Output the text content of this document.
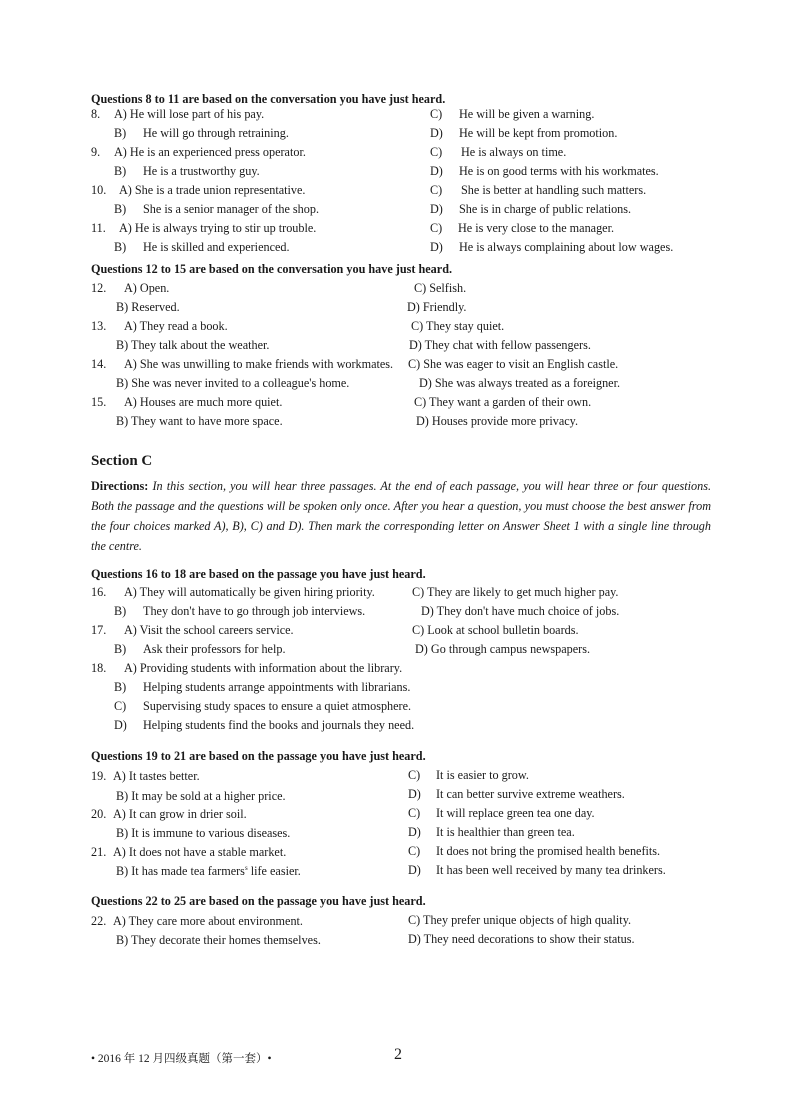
Questions 8 to 11 are based on the conversation you have just heard.
8. A) He will lose part of his pay.
B) He will go through retraining.
C) He will be given a warning.
D) He will be kept from promotion.
9. A) He is an experienced press operator.
B) He is a trustworthy guy.
C) He is always on time.
D) He is on good terms with his workmates.
10. A) She is a trade union representative.
B) She is a senior manager of the shop.
C) She is better at handling such matters.
D) She is in charge of public relations.
11. A) He is always trying to stir up trouble.
B) He is skilled and experienced.
C) He is very close to the manager.
D) He is always complaining about low wages.
Questions 12 to 15 are based on the conversation you have just heard.
12. A) Open.
B) Reserved.
C) Selfish.
D) Friendly.
13. A) They read a book.
B) They talk about the weather.
C) They stay quiet.
D) They chat with fellow passengers.
14. A) She was unwilling to make friends with workmates.
B) She was never invited to a colleague's home.
C) She was eager to visit an English castle.
D) She was always treated as a foreigner.
15. A) Houses are much more quiet.
B) They want to have more space.
C) They want a garden of their own.
D) Houses provide more privacy.
Section C
Directions: In this section, you will hear three passages. At the end of each passage, you will hear three or four questions. Both the passage and the questions will be spoken only once. After you hear a question, you must choose the best answer from the four choices marked A), B), C) and D). Then mark the corresponding letter on Answer Sheet 1 with a single line through the centre.
Questions 16 to 18 are based on the passage you have just heard.
16. A) They will automatically be given hiring priority.
B) They don't have to go through job interviews.
C) They are likely to get much higher pay.
D) They don't have much choice of jobs.
17. A) Visit the school careers service.
B) Ask their professors for help.
C) Look at school bulletin boards.
D) Go through campus newspapers.
18. A) Providing students with information about the library.
B) Helping students arrange appointments with librarians.
C) Supervising study spaces to ensure a quiet atmosphere.
D) Helping students find the books and journals they need.
Questions 19 to 21 are based on the passage you have just heard.
19. A) It tastes better.
B) It may be sold at a higher price.
C) It is easier to grow.
D) It can better survive extreme weathers.
20. A) It can grow in drier soil.
B) It is immune to various diseases.
C) It will replace green tea one day.
D) It is healthier than green tea.
21. A) It does not have a stable market.
B) It has made tea farmers$^s$ life easier.
C) It does not bring the promised health benefits.
D) It has been well received by many tea drinkers.
Questions 22 to 25 are based on the passage you have just heard.
22. A) They care more about environment.
B) They decorate their homes themselves.
C) They prefer unique objects of high quality.
D) They need decorations to show their status.
• 2016 年 12 月四级真题（第一套）•	2
